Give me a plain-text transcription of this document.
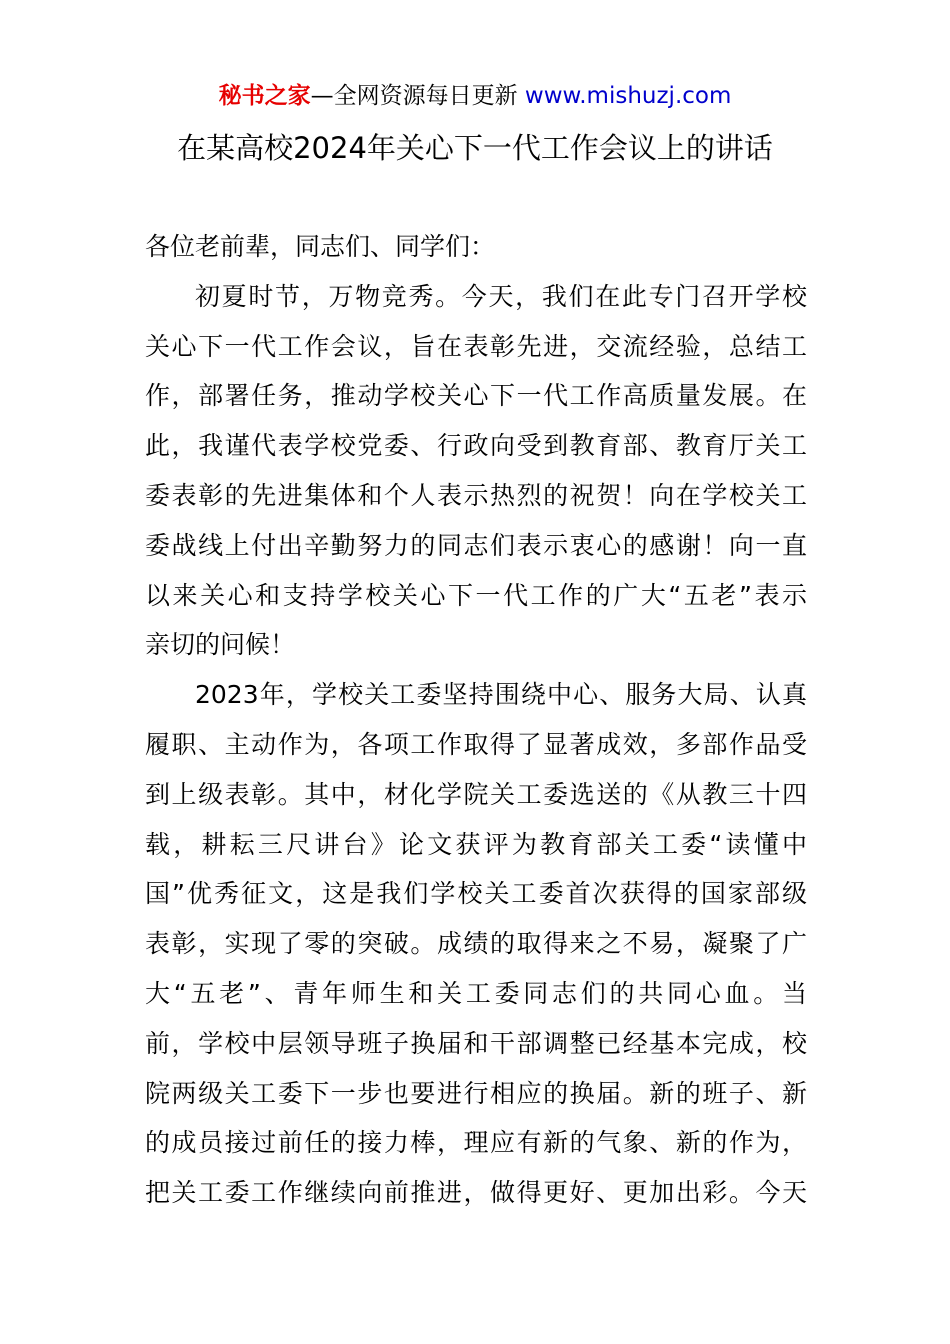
秘书之家—全网资源每日更新 www.mishuzj.com
在某高校2024年关心下一代工作会议上的讲话
各位老前辈，同志们、同学们：
初夏时节，万物竞秀。今天，我们在此专门召开学校
关心下一代工作会议，旨在表彰先进，交流经验，总结工
作，部署任务，推动学校关心下一代工作高质量发展。在
此，我谨代表学校党委、行政向受到教育部、教育厅关工
委表彰的先进集体和个人表示热烈的祝贺！向在学校关工
委战线上付出辛勤努力的同志们表示衷心的感谢！向一直
以来关心和支持学校关心下一代工作的广大“五老”表示
亲切的问候！
2023年，学校关工委坚持围绕中心、服务大局、认真
履职、主动作为，各项工作取得了显著成效，多部作品受
到上级表彰。其中，材化学院关工委选送的《从教三十四
载，耕耘三尺讲台》论文获评为教育部关工委“读懂中
国”优秀征文，这是我们学校关工委首次获得的国家部级
表彰，实现了零的突破。成绩的取得来之不易，凝聚了广
大“五老”、青年师生和关工委同志们的共同心血。当
前，学校中层领导班子换届和干部调整已经基本完成，校
院两级关工委下一步也要进行相应的换届。新的班子、新
的成员接过前任的接力棒，理应有新的气象、新的作为，
把关工委工作继续向前推进，做得更好、更加出彩。今天
